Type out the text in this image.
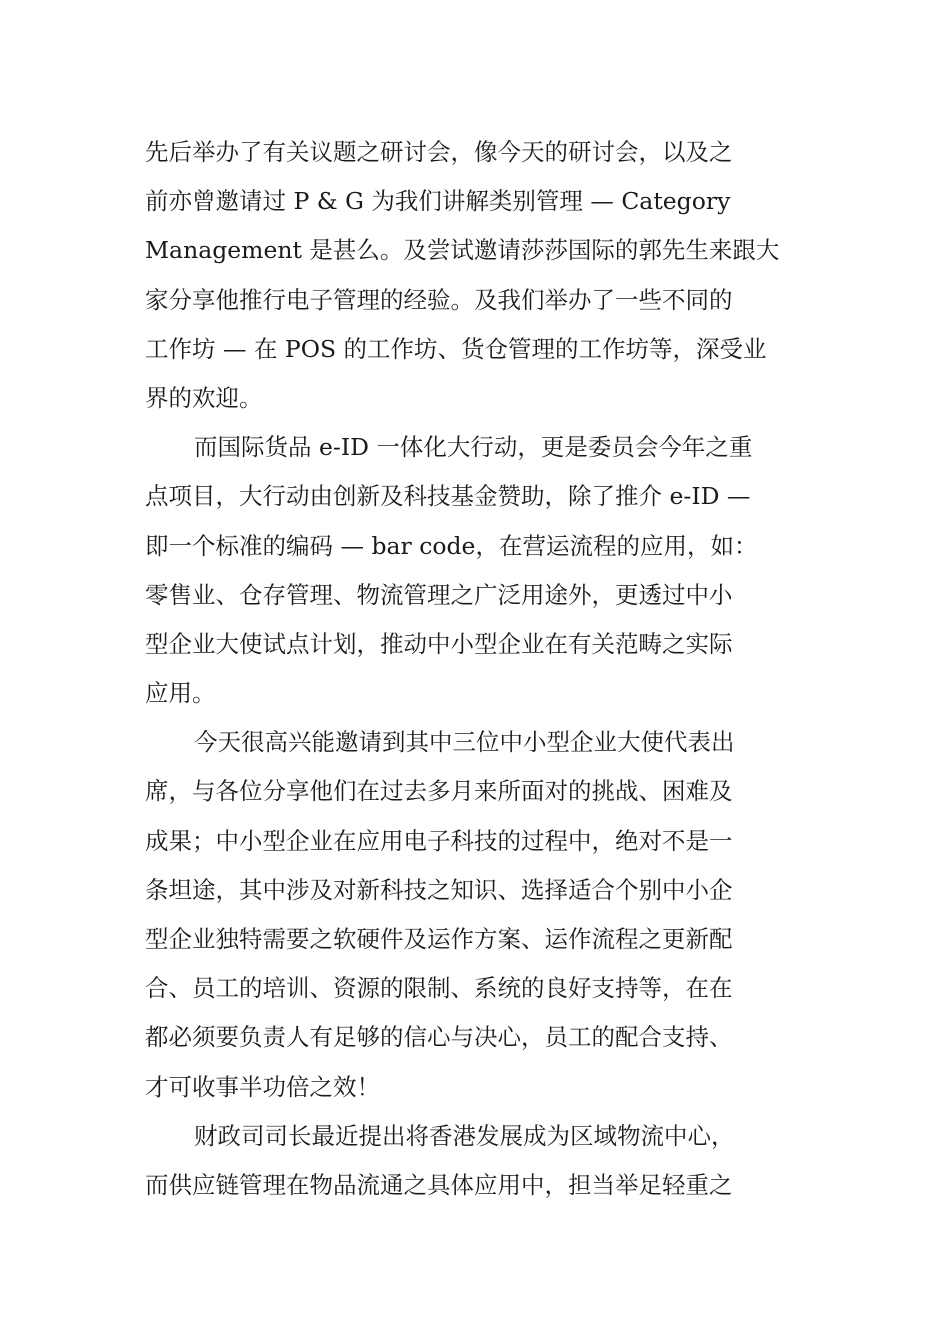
先后举办了有关议题之研讨会，像今天的研讨会，以及之
前亦曾邀请过 P & G 为我们讲解类别管理 — Category
Management 是甚么。及尝试邀请莎莎国际的郭先生来跟大
家分享他推行电子管理的经验。及我们举办了一些不同的
工作坊 — 在 POS 的工作坊、货仓管理的工作坊等，深受业
界的欢迎。
而国际货品 e-ID 一体化大行动，更是委员会今年之重
点项目，大行动由创新及科技基金赞助，除了推介 e-ID —
即一个标准的编码 — bar code，在营运流程的应用，如：
零售业、仓存管理、物流管理之广泛用途外，更透过中小
型企业大使试点计划，推动中小型企业在有关范畴之实际
应用。
今天很高兴能邀请到其中三位中小型企业大使代表出
席，与各位分享他们在过去多月来所面对的挑战、困难及
成果；中小型企业在应用电子科技的过程中，绝对不是一
条坦途，其中涉及对新科技之知识、选择适合个别中小企
型企业独特需要之软硬件及运作方案、运作流程之更新配
合、员工的培训、资源的限制、系统的良好支持等，在在
都必须要负责人有足够的信心与决心，员工的配合支持、
才可收事半功倍之效！
财政司司长最近提出将香港发展成为区域物流中心，
而供应链管理在物品流通之具体应用中，担当举足轻重之
